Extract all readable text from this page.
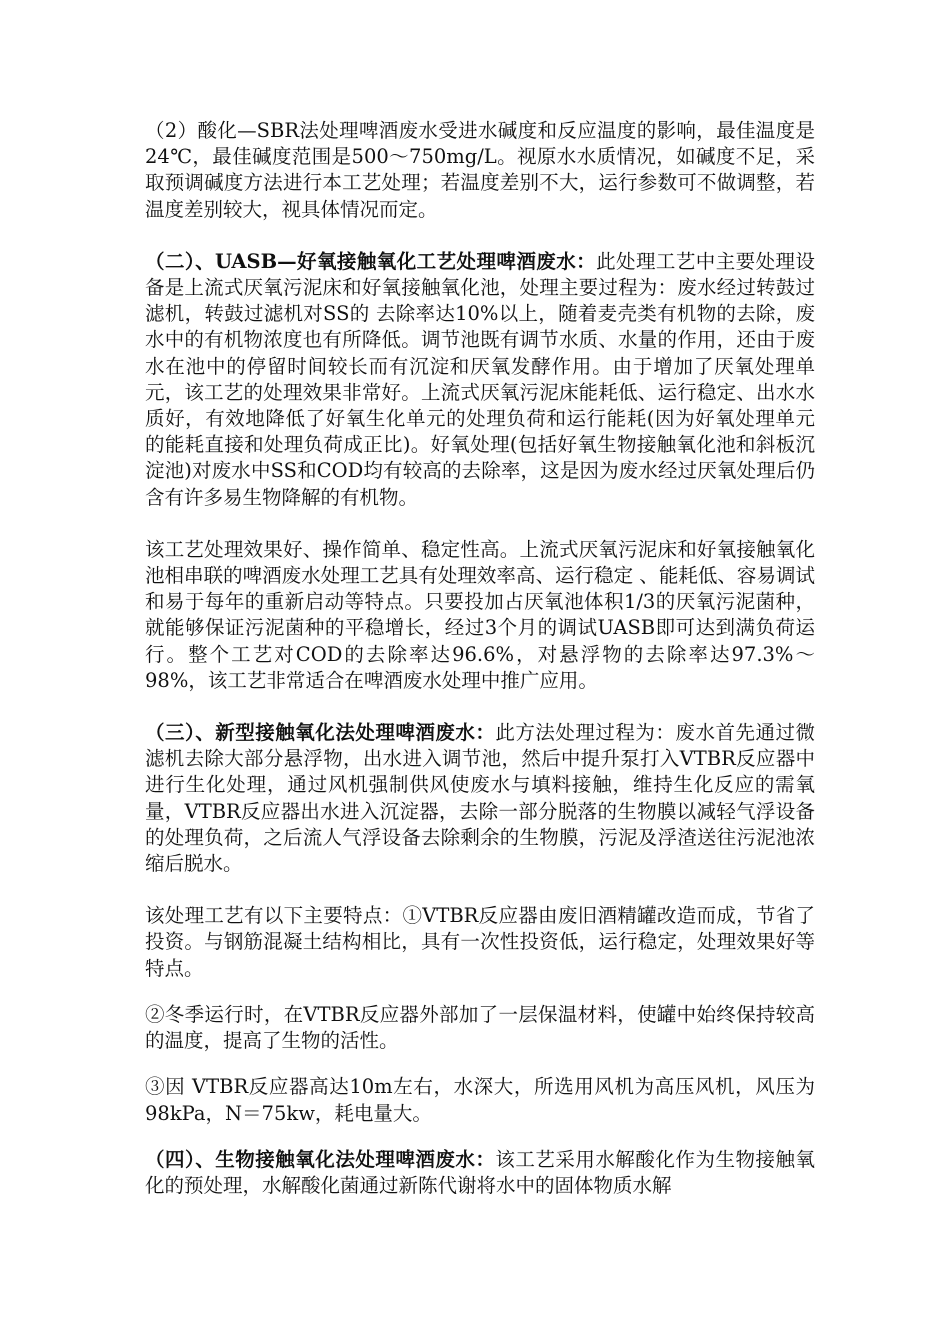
（2）酸化—SBR法处理啤酒废水受进水碱度和反应温度的影响，最佳温度是24℃，最佳碱度范围是500～750mg/L。视原水水质情况，如碱度不足，采取预调碱度方法进行本工艺处理；若温度差别不大，运行参数可不做调整，若温度差别较大，视具体情况而定。

（二）、UASB—好氧接触氧化工艺处理啤酒废水：此处理工艺中主要处理设备是上流式厌氧污泥床和好氧接触氧化池，处理主要过程为：废水经过转鼓过滤机，转鼓过滤机对SS的 去除率达10%以上，随着麦壳类有机物的去除，废水中的有机物浓度也有所降低。调节池既有调节水质、水量的作用，还由于废水在池中的停留时间较长而有沉淀和厌氧发酵作用。由于增加了厌氧处理单元，该工艺的处理效果非常好。上流式厌氧污泥床能耗低、运行稳定、出水水质好，有效地降低了好氧生化单元的处理负荷和运行能耗(因为好氧处理单元的能耗直接和处理负荷成正比)。好氧处理(包括好氧生物接触氧化池和斜板沉淀池)对废水中SS和COD均有较高的去除率，这是因为废水经过厌氧处理后仍含有许多易生物降解的有机物。

该工艺处理效果好、操作简单、稳定性高。上流式厌氧污泥床和好氧接触氧化池相串联的啤酒废水处理工艺具有处理效率高、运行稳定 、能耗低、容易调试和易于每年的重新启动等特点。只要投加占厌氧池体积1/3的厌氧污泥菌种，就能够保证污泥菌种的平稳增长，经过3个月的调试UASB即可达到满负荷运行。整个工艺对COD的去除率达96.6%，对悬浮物的去除率达97.3%～98%，该工艺非常适合在啤酒废水处理中推广应用。

（三）、新型接触氧化法处理啤酒废水：此方法处理过程为：废水首先通过微滤机去除大部分悬浮物，出水进入调节池，然后中提升泵打入VTBR反应器中进行生化处理，通过风机强制供风使废水与填料接触，维持生化反应的需氧量，VTBR反应器出水进入沉淀器，去除一部分脱落的生物膜以减轻气浮设备的处理负荷，之后流人气浮设备去除剩余的生物膜，污泥及浮渣送往污泥池浓缩后脱水。

该处理工艺有以下主要特点：①VTBR反应器由废旧酒精罐改造而成，节省了投资。与钢筋混凝土结构相比，具有一次性投资低，运行稳定，处理效果好等特点。

②冬季运行时，在VTBR反应器外部加了一层保温材料，使罐中始终保持较高的温度，提高了生物的活性。

③因 VTBR反应器高达10m左右，水深大，所选用风机为高压风机，风压为98kPa，N＝75kw，耗电量大。

（四）、生物接触氧化法处理啤酒废水：该工艺采用水解酸化作为生物接触氧化的预处理，水解酸化菌通过新陈代谢将水中的固体物质水解
